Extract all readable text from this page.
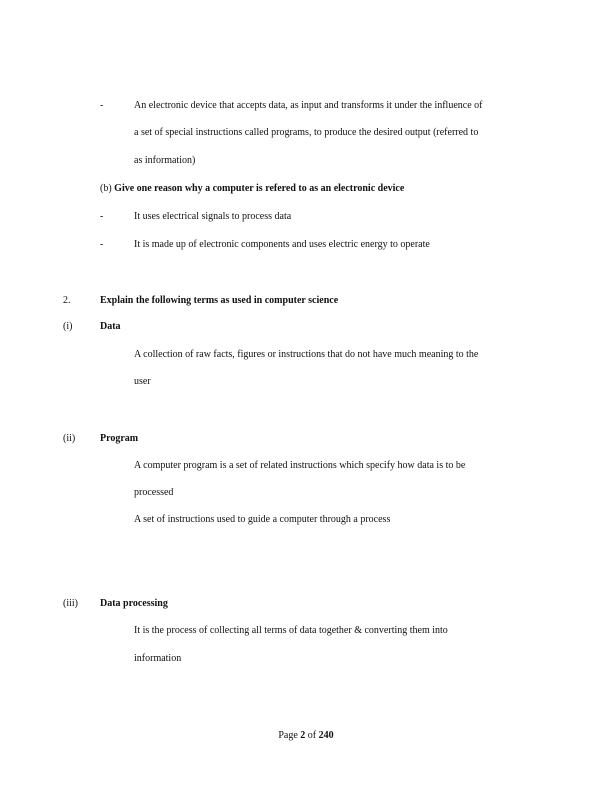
-	An electronic device that accepts data, as input and transforms it under the influence of
a set of special instructions called programs, to produce the desired output (referred to
as information)
(b) Give one reason why a computer is refered to as an electronic device
-	It uses electrical signals to process data
-	It is made up of electronic components and uses electric energy to operate
2.	Explain the following terms as used in computer science
(i)	Data
A collection of raw facts, figures or instructions that do not have much meaning to the
user
(ii) Program
A computer program is a set of related instructions which specify how data is to be
processed
A set of instructions used to guide a computer through a process
(iii) Data processing
It is the process of collecting all terms of data together & converting them into
information
Page 2 of 240
